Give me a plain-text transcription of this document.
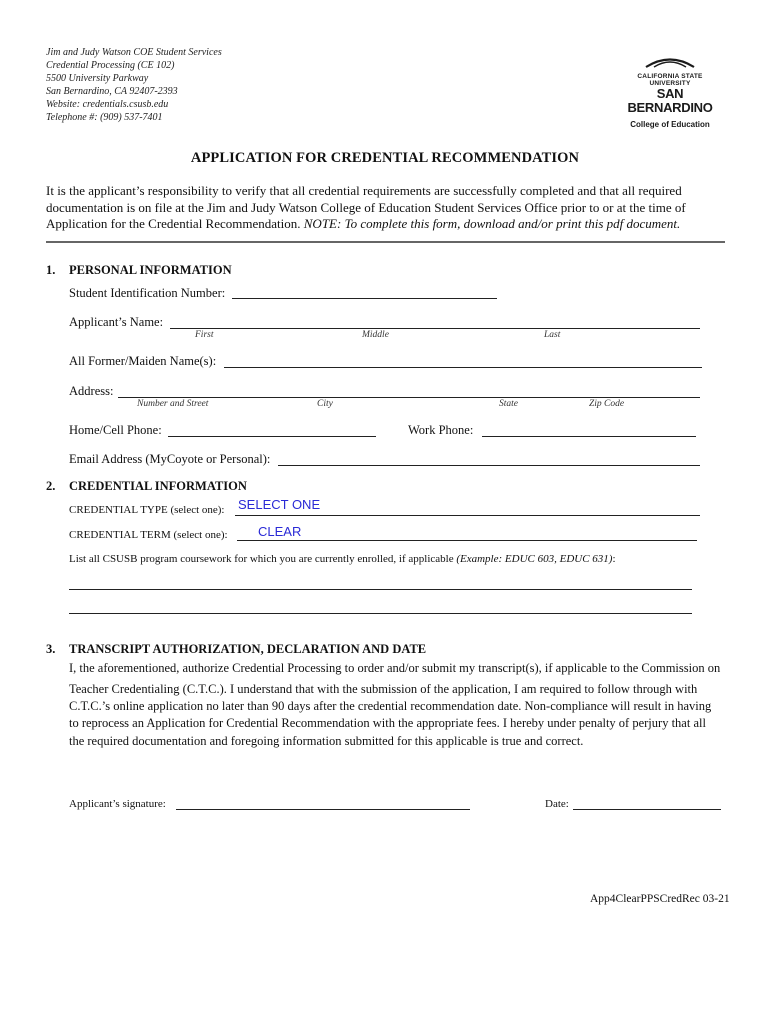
Jim and Judy Watson COE Student Services
Credential Processing (CE 102)
5500 University Parkway
San Bernardino, CA 92407-2393
Website: credentials.csusb.edu
Telephone #: (909) 537-7401
CALIFORNIA STATE UNIVERSITY
SAN BERNARDINO
College of Education
APPLICATION FOR CREDENTIAL RECOMMENDATION
It is the applicant’s responsibility to verify that all credential requirements are successfully completed and that all required documentation is on file at the Jim and Judy Watson College of Education Student Services Office prior to or at the time of Application for the Credential Recommendation. NOTE: To complete this form, download and/or print this pdf document.
1. PERSONAL INFORMATION
Student Identification Number:
Applicant’s Name:
First	Middle	Last
All Former/Maiden Name(s):
Address:
Number and Street	City	State	Zip Code
Home/Cell Phone:	Work Phone:
Email Address (MyCoyote or Personal):
2. CREDENTIAL INFORMATION
CREDENTIAL TYPE (select one): SELECT ONE
CREDENTIAL TERM (select one): CLEAR
List all CSUSB program coursework for which you are currently enrolled, if applicable (Example: EDUC 603, EDUC 631):
3. TRANSCRIPT AUTHORIZATION, DECLARATION AND DATE
I, the aforementioned, authorize Credential Processing to order and/or submit my transcript(s), if applicable to the Commission on
Teacher Credentialing (C.T.C.). I understand that with the submission of the application, I am required to follow through with
C.T.C.’s online application no later than 90 days after the credential recommendation date. Non-compliance will result in having
to reprocess an Application for Credential Recommendation with the appropriate fees. I hereby under penalty of perjury that all
the required documentation and foregoing information submitted for this applicable is true and correct.
Applicant’s signature:	Date:
App4ClearPPSCredRec 03-21
